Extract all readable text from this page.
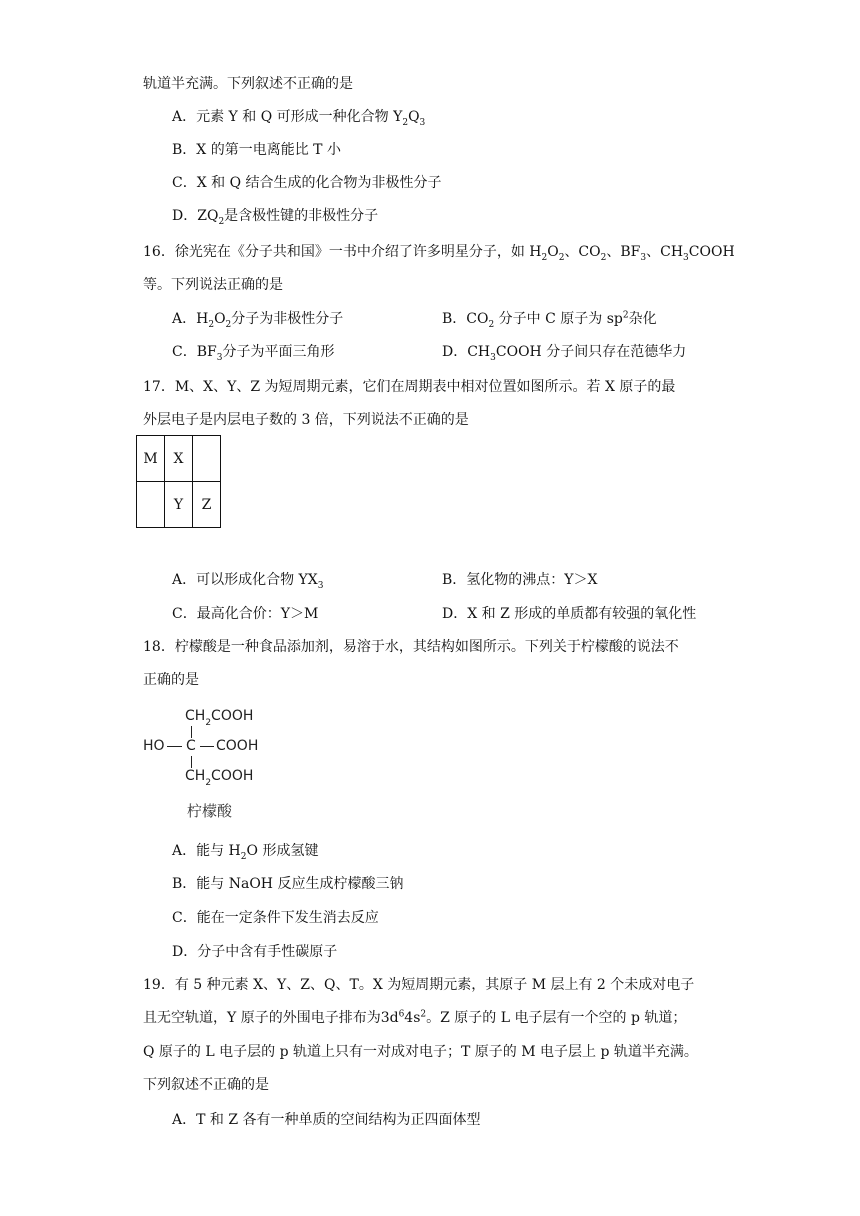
轨道半充满。下列叙述不正确的是
A．元素 Y 和 Q 可形成一种化合物 $Y_2Q_3$
B．X 的第一电离能比 T 小
C．X 和 Q 结合生成的化合物为非极性分子
D．$ZQ_2$是含极性键的非极性分子
16．徐光宪在《分子共和国》一书中介绍了许多明星分子，如 $H_2O_2$、$CO_2$、$BF_3$、$CH_3COOH$
等。下列说法正确的是
A．$H_2O_2$分子为非极性分子	B．$CO_2$ 分子中 C 原子为 $sp^2$杂化
C．$BF_3$分子为平面三角形	D．$CH_3COOH$ 分子间只存在范德华力
17．M、X、Y、Z 为短周期元素，它们在周期表中相对位置如图所示。若 X 原子的最
外层电子是内层电子数的 3 倍，下列说法不正确的是
M	X	
	Y	Z
A．可以形成化合物 $YX_3$	B．氢化物的沸点：Y＞X
C．最高化合价：Y＞M	D．X 和 Z 形成的单质都有较强的氧化性
18．柠檬酸是一种食品添加剂，易溶于水，其结构如图所示。下列关于柠檬酸的说法不
正确的是
$CH_2COOH$
HO C COOH
$CH_2COOH$
柠檬酸
A．能与 $H_2O$ 形成氢键
B．能与 NaOH 反应生成柠檬酸三钠
C．能在一定条件下发生消去反应
D．分子中含有手性碳原子
19．有 5 种元素 X、Y、Z、Q、T。X 为短周期元素，其原子 M 层上有 2 个未成对电子
且无空轨道，Y 原子的外围电子排布为$3d^64s^2$。Z 原子的 L 电子层有一个空的 p 轨道；
Q 原子的 L 电子层的 p 轨道上只有一对成对电子；T 原子的 M 电子层上 p 轨道半充满。
下列叙述不正确的是
A．T 和 Z 各有一种单质的空间结构为正四面体型
